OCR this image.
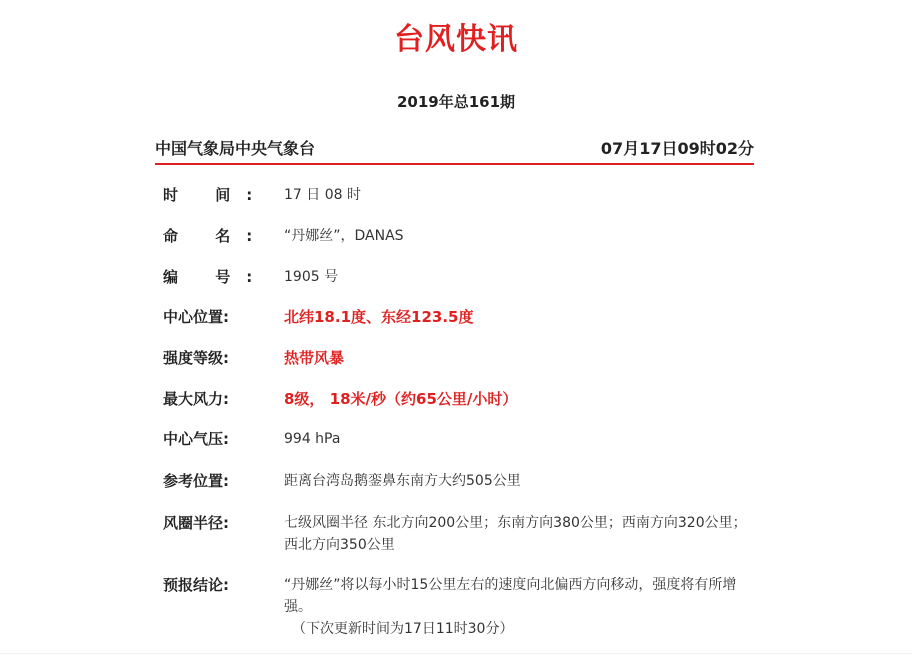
台风快讯
2019年总161期
中国气象局中央气象台	07月17日09时02分
时 间:	17 日 08 时
命 名:	“丹娜丝”，DANAS
编 号:	1905 号
中心位置:	北纬18.1度、东经123.5度
强度等级:	热带风暴
最大风力:	8级， 18米/秒（约65公里/小时）
中心气压:	994 hPa
参考位置:	距离台湾岛鹅銮鼻东南方大约505公里
风圈半径:	七级风圈半径 东北方向200公里；东南方向380公里；西南方向320公里；西北方向350公里
预报结论:	“丹娜丝”将以每小时15公里左右的速度向北偏西方向移动，强度将有所增强。
（下次更新时间为17日11时30分）
